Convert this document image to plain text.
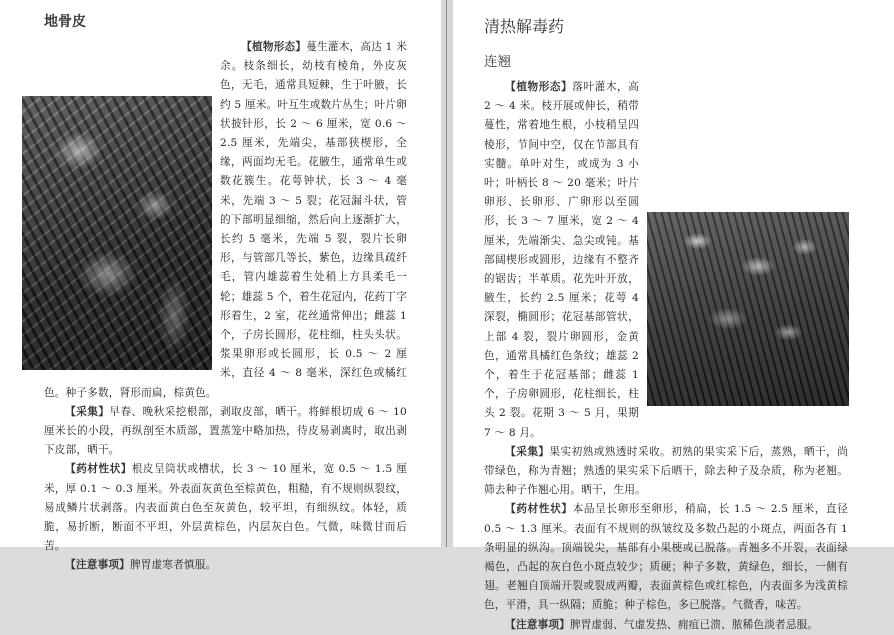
地骨皮

【植物形态】蔓生灌木，高达 1 米余。枝条细长，幼枝有棱角，外皮灰色，无毛，通常具短棘，生于叶腋，长约 5 厘米。叶互生或数片丛生；叶片卵状披针形，长 2 ～ 6 厘米，宽 0.6 ～ 2.5 厘米，先端尖，基部狭楔形，全缘，两面均无毛。花腋生，通常单生或数花簇生。花萼钟状，长 3 ～ 4 毫米，先端 3 ～ 5 裂；花冠漏斗状，管的下部明显细缩，然后向上逐渐扩大，长约 5 毫米，先端 5 裂，裂片长卵形，与管部几等长，紫色，边缘具疏纤毛，管内雄蕊着生处稍上方具柔毛一轮；雄蕊 5 个，着生花冠内，花药丁字形着生，2 室，花丝通常伸出；雌蕊 1 个，子房长圆形，花柱细，柱头头状。浆果卵形或长圆形，长 0.5 ～ 2 厘米，直径 4 ～ 8 毫米，深红色或橘红色。种子多数，肾形而扁，棕黄色。

【采集】早春、晚秋采挖根部，剥取皮部，晒干。将鲜根切成 6 ～ 10 厘米长的小段，再纵剖至木质部，置蒸笼中略加热，待皮易剥离时，取出剥下皮部，晒干。

【药材性状】根皮呈筒状或槽状，长 3 ～ 10 厘米，宽 0.5 ～ 1.5 厘米，厚 0.1 ～ 0.3 厘米。外表面灰黄色至棕黄色，粗糙，有不规则纵裂纹，易成鳞片状剥落。内表面黄白色至灰黄色，较平坦，有细纵纹。体轻，质脆，易折断，断面不平坦，外层黄棕色，内层灰白色。气微，味微甘而后苦。

【注意事项】脾胃虚寒者慎服。

清热解毒药
连翘

【植物形态】落叶灌木，高 2 ～ 4 米。枝开展或伸长，稍带蔓性，常着地生根，小枝稍呈四棱形，节间中空，仅在节部具有实髓。单叶对生，或成为 3 小叶；叶柄长 8 ～ 20 毫米；叶片卵形、长卵形、广卵形以至圆形，长 3 ～ 7 厘米，宽 2 ～ 4 厘米，先端渐尖、急尖或钝。基部阔楔形或圆形，边缘有不整齐的锯齿；半革质。花先叶开放，腋生，长约 2.5 厘米；花萼 4 深裂，椭圆形；花冠基部管状，上部 4 裂，裂片卵圆形，金黄色，通常具橘红色条纹；雄蕊 2 个，着生于花冠基部；雌蕊 1 个，子房卵圆形，花柱细长，柱头 2 裂。花期 3 ～ 5 月，果期 7 ～ 8 月。

【采集】果实初熟或熟透时采收。初熟的果实采下后，蒸熟，晒干，尚带绿色，称为青翘；熟透的果实采下后晒干，除去种子及杂质，称为老翘。筛去种子作翘心用。晒干，生用。

【药材性状】本品呈长卵形至卵形，稍扁，长 1.5 ～ 2.5 厘米，直径 0.5 ～ 1.3 厘米。表面有不规则的纵皱纹及多数凸起的小斑点，两面各有 1 条明显的纵沟。顶端锐尖，基部有小果梗或已脱落。青翘多不开裂，表面绿褐色，凸起的灰白色小斑点较少；质硬；种子多数，黄绿色，细长，一侧有翅。老翘自顶端开裂或裂成两瓣，表面黄棕色或红棕色，内表面多为浅黄棕色，平滑，具一纵隔；质脆；种子棕色，多已脱落。气微香，味苦。

【注意事项】脾胃虚弱、气虚发热、痈疽已溃、脓稀色淡者忌服。
